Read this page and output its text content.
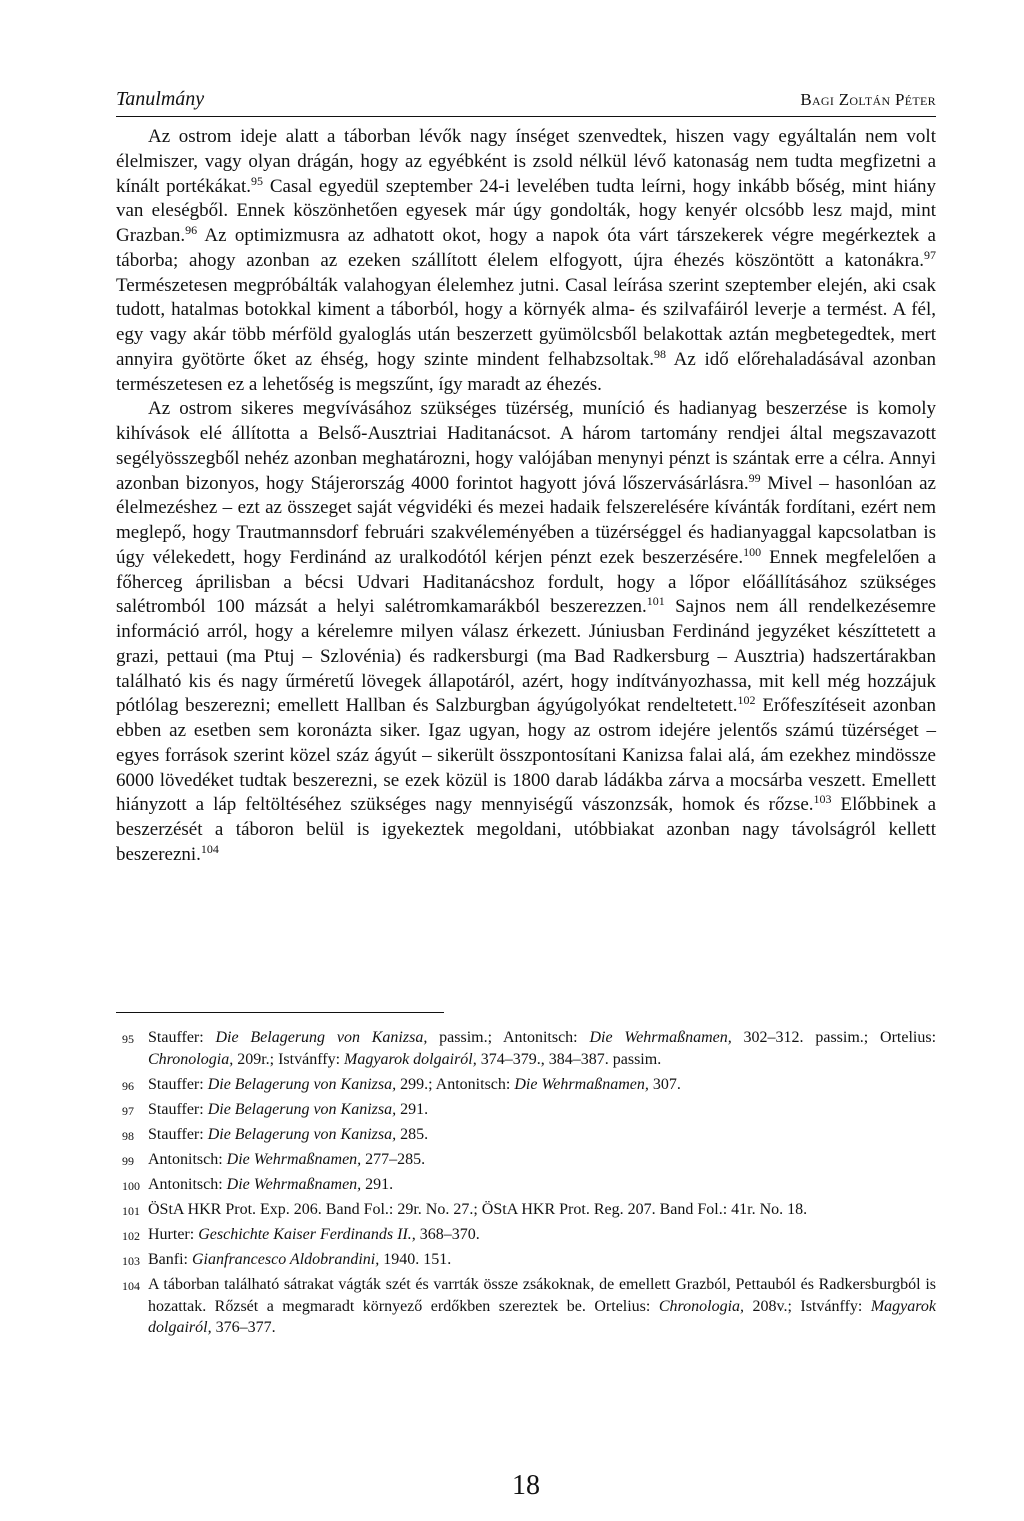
Tanulmány	Bagi Zoltán Péter

Az ostrom ideje alatt a táborban lévők nagy ínséget szenvedtek, hiszen vagy egyáltalán nem volt élelmiszer, vagy olyan drágán, hogy az egyébként is zsold nélkül lévő katonaság nem tudta megfizetni a kínált portékákat.$^{95}$ Casal egyedül szeptember 24-i levelében tudta leírni, hogy inkább bőség, mint hiány van eleségből. Ennek köszönhetően egyesek már úgy gondolták, hogy kenyér olcsóbb lesz majd, mint Grazban.$^{96}$ Az optimizmusra az adhatott okot, hogy a napok óta várt társzekerek végre megérkeztek a táborba; ahogy azonban az ezeken szállított élelem elfogyott, újra éhezés köszöntött a katonákra.$^{97}$ Természetesen megpróbálták valahogyan élelemhez jutni. Casal leírása szerint szeptember elején, aki csak tudott, hatalmas botokkal kiment a táborból, hogy a környék alma- és szilvafáiról leverje a termést. A fél, egy vagy akár több mérföld gyaloglás után beszerzett gyümölcsből belakottak aztán megbetegedtek, mert annyira gyötörte őket az éhség, hogy szinte mindent felhabzsoltak.$^{98}$ Az idő előrehaladásával azonban természetesen ez a lehetőség is megszűnt, így maradt az éhezés.

Az ostrom sikeres megvívásához szükséges tüzérség, muníció és hadianyag beszerzése is komoly kihívások elé állította a Belső-Ausztriai Haditanácsot. A három tartomány rendjei által megszavazott segélyösszegből nehéz azonban meghatározni, hogy valójában menynyi pénzt is szántak erre a célra. Annyi azonban bizonyos, hogy Stájerország 4000 forintot hagyott jóvá lőszervásárlásra.$^{99}$ Mivel – hasonlóan az élelmezéshez – ezt az összeget saját végvidéki és mezei hadaik felszerelésére kívánták fordítani, ezért nem meglepő, hogy Trautmannsdorf februári szakvéleményében a tüzérséggel és hadianyaggal kapcsolatban is úgy vélekedett, hogy Ferdinánd az uralkodótól kérjen pénzt ezek beszerzésére.$^{100}$ Ennek megfelelően a főherceg áprilisban a bécsi Udvari Haditanácshoz fordult, hogy a lőpor előállításához szükséges salétromból 100 mázsát a helyi salétromkamarákból beszerezzen.$^{101}$ Sajnos nem áll rendelkezésemre információ arról, hogy a kérelemre milyen válasz érkezett. Júniusban Ferdinánd jegyzéket készíttetett a grazi, pettaui (ma Ptuj – Szlovénia) és radkersburgi (ma Bad Radkersburg – Ausztria) hadszertárakban található kis és nagy űrméretű lövegek állapotáról, azért, hogy indítványozhassa, mit kell még hozzájuk pótlólag beszerezni; emellett Hallban és Salzburgban ágyúgolyókat rendeltetett.$^{102}$ Erőfeszítéseit azonban ebben az esetben sem koronázta siker. Igaz ugyan, hogy az ostrom idejére jelentős számú tüzérséget – egyes források szerint közel száz ágyút – sikerült összpontosítani Kanizsa falai alá, ám ezekhez mindössze 6000 lövedéket tudtak beszerezni, se ezek közül is 1800 darab ládákba zárva a mocsárba veszett. Emellett hiányzott a láp feltöltéséhez szükséges nagy mennyiségű vászonzsák, homok és rőzse.$^{103}$ Előbbinek a beszerzését a táboron belül is igyekeztek megoldani, utóbbiakat azonban nagy távolságról kellett beszerezni.$^{104}$

95 Stauffer: Die Belagerung von Kanizsa, passim.; Antonitsch: Die Wehrmaßnamen, 302–312. passim.; Ortelius: Chronologia, 209r.; Istvánffy: Magyarok dolgairól, 374–379., 384–387. passim.
96 Stauffer: Die Belagerung von Kanizsa, 299.; Antonitsch: Die Wehrmaßnamen, 307.
97 Stauffer: Die Belagerung von Kanizsa, 291.
98 Stauffer: Die Belagerung von Kanizsa, 285.
99 Antonitsch: Die Wehrmaßnamen, 277–285.
100 Antonitsch: Die Wehrmaßnamen, 291.
101 ÖStA HKR Prot. Exp. 206. Band Fol.: 29r. No. 27.; ÖStA HKR Prot. Reg. 207. Band Fol.: 41r. No. 18.
102 Hurter: Geschichte Kaiser Ferdinands II., 368–370.
103 Banfi: Gianfrancesco Aldobrandini, 1940. 151.
104 A táborban található sátrakat vágták szét és varrták össze zsákoknak, de emellett Grazból, Pettauból és Radkersburgból is hozattak. Rőzsét a megmaradt környező erdőkben szereztek be. Ortelius: Chronologia, 208v.; Istvánffy: Magyarok dolgairól, 376–377.
18
